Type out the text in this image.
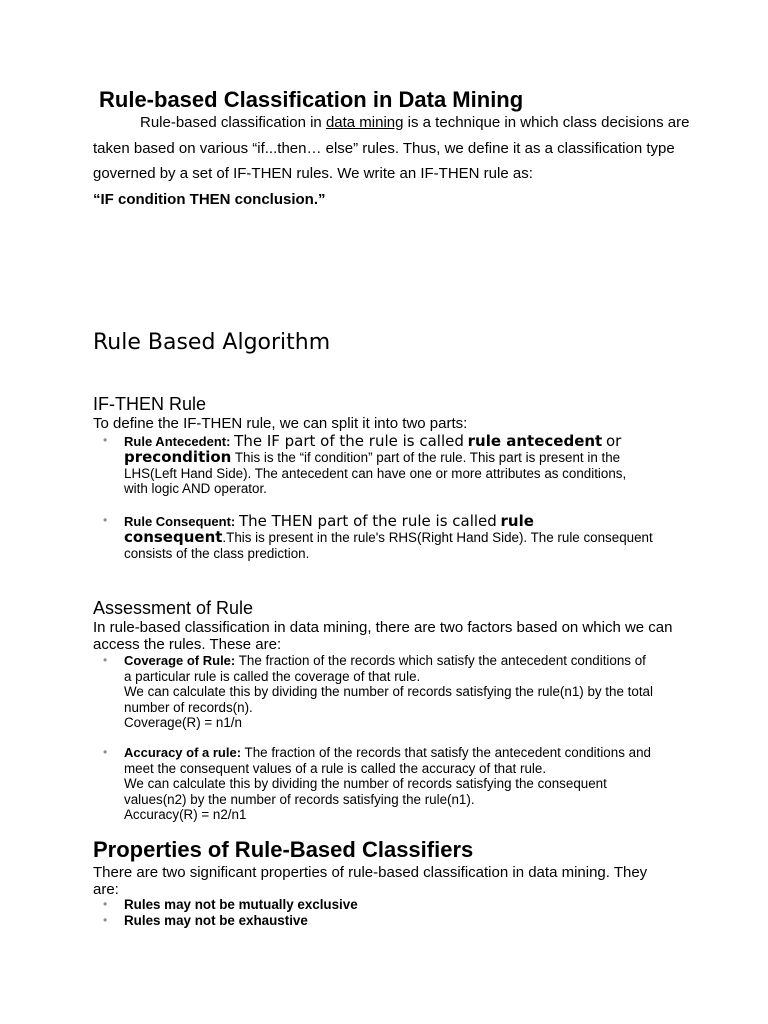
Rule-based Classification in Data Mining

Rule-based classification in data mining is a technique in which class decisions are taken based on various “if...then… else” rules. Thus, we define it as a classification type governed by a set of IF-THEN rules. We write an IF-THEN rule as:
“IF condition THEN conclusion.”

Rule Based Algorithm
IF-THEN Rule

To define the IF-THEN rule, we can split it into two parts:

• Rule Antecedent: The IF part of the rule is called rule antecedent or precondition This is the “if condition” part of the rule. This part is present in the LHS(Left Hand Side). The antecedent can have one or more attributes as conditions, with logic AND operator.
• Rule Consequent: The THEN part of the rule is called rule consequent.This is present in the rule's RHS(Right Hand Side). The rule consequent consists of the class prediction.
Assessment of Rule

In rule-based classification in data mining, there are two factors based on which we can access the rules. These are:

• Coverage of Rule: The fraction of the records which satisfy the antecedent conditions of a particular rule is called the coverage of that rule.
We can calculate this by dividing the number of records satisfying the rule(n1) by the total number of records(n).
Coverage(R) = n1/n
• Accuracy of a rule: The fraction of the records that satisfy the antecedent conditions and meet the consequent values of a rule is called the accuracy of that rule.
We can calculate this by dividing the number of records satisfying the consequent values(n2) by the number of records satisfying the rule(n1).
Accuracy(R) = n2/n1
Properties of Rule-Based Classifiers

There are two significant properties of rule-based classification in data mining. They are:

• Rules may not be mutually exclusive
• Rules may not be exhaustive
